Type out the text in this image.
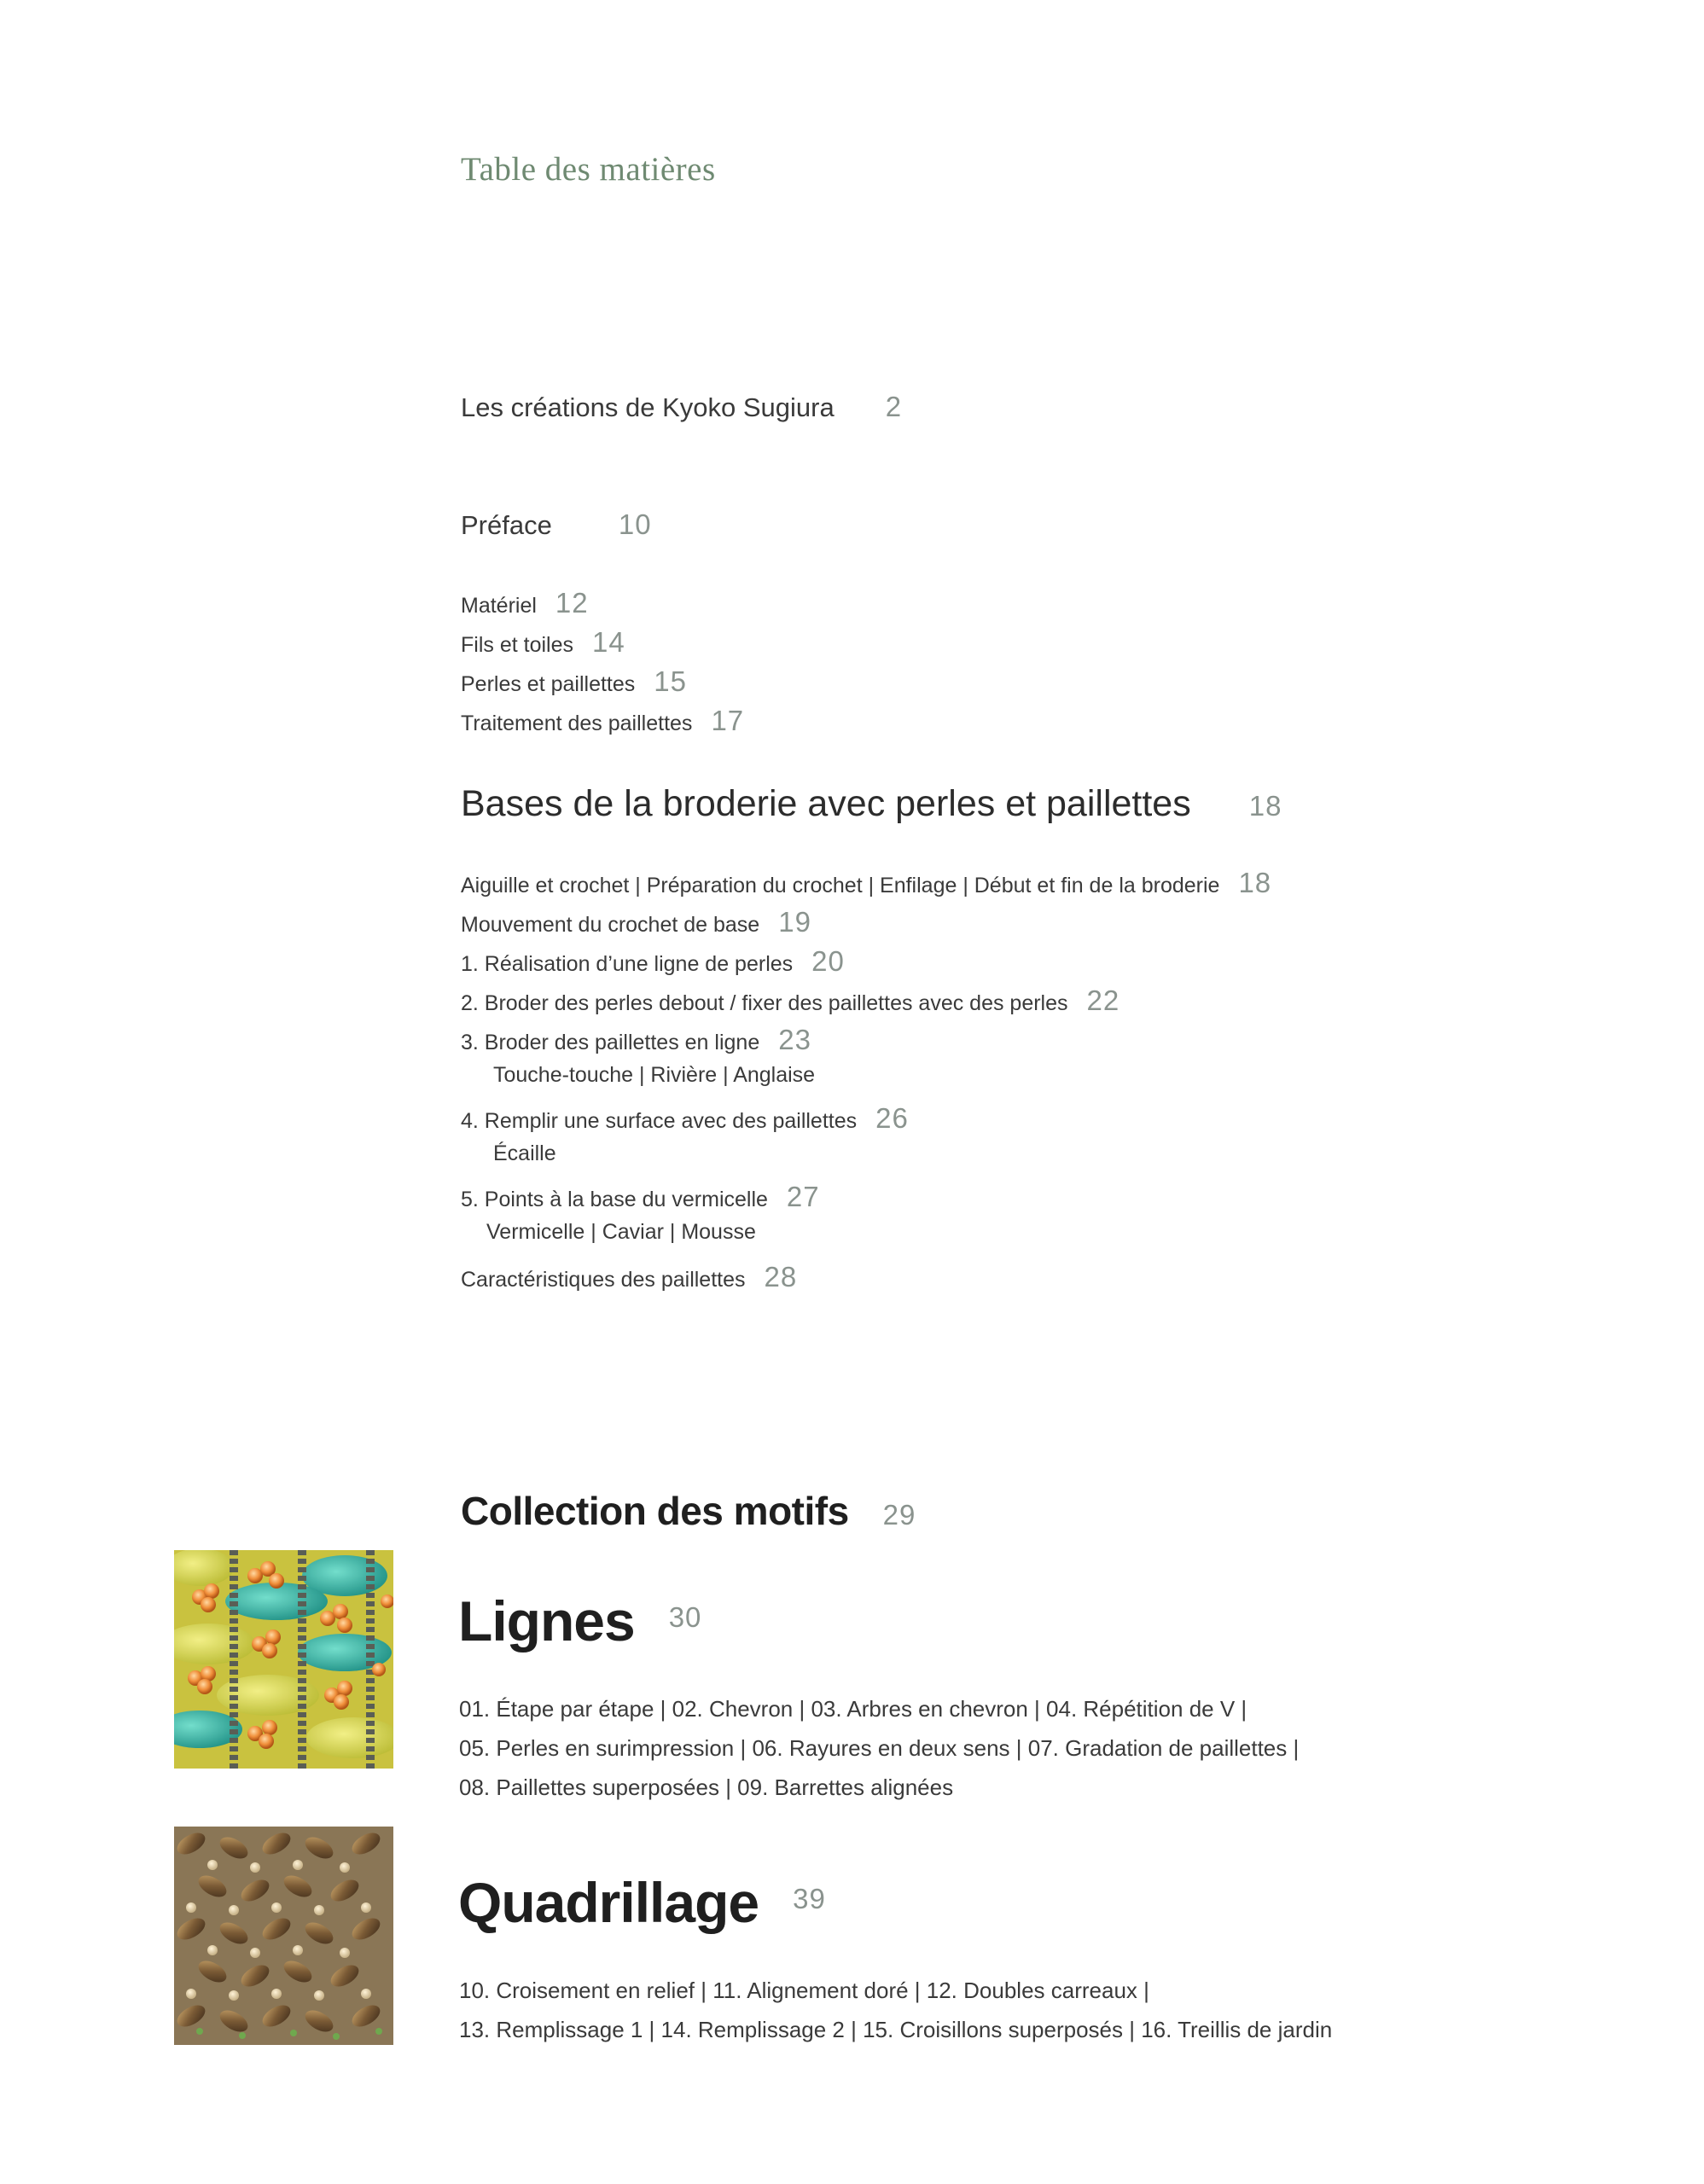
Table des matières
Les créations de Kyoko Sugiura 2
Préface 10
Matériel 12
Fils et toiles 14
Perles et paillettes 15
Traitement des paillettes 17
Bases de la broderie avec perles et paillettes 18
Aiguille et crochet | Préparation du crochet | Enfilage | Début et fin de la broderie 18
Mouvement du crochet de base 19
1. Réalisation d’une ligne de perles 20
2. Broder des perles debout / fixer des paillettes avec des perles 22
3. Broder des paillettes en ligne 23
Touche-touche | Rivière | Anglaise
4. Remplir une surface avec des paillettes 26
Écaille
5. Points à la base du vermicelle 27
Vermicelle | Caviar | Mousse
Caractéristiques des paillettes 28
Collection des motifs 29
Lignes $^{30}$
01. Étape par étape | 02. Chevron | 03. Arbres en chevron | 04. Répétition de V |
05. Perles en surimpression | 06. Rayures en deux sens | 07. Gradation de paillettes |
08. Paillettes superposées | 09. Barrettes alignées
Quadrillage $^{39}$
10. Croisement en relief | 11. Alignement doré | 12. Doubles carreaux |
13. Remplissage 1 | 14. Remplissage 2 | 15. Croisillons superposés | 16. Treillis de jardin
